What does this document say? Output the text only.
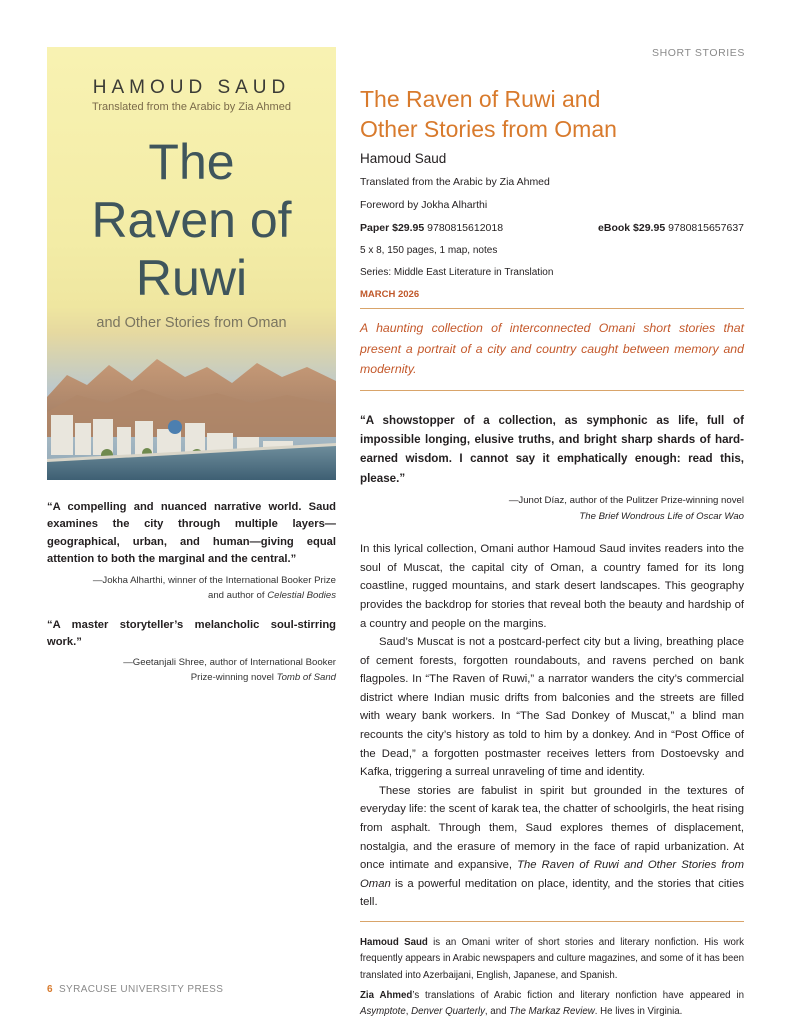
SHORT STORIES
HAMOUD SAUD
Translated from the Arabic by Zia Ahmed
The
Raven of
Ruwi
and Other Stories from Oman

“A compelling and nuanced narrative world. Saud examines the city through multiple layers—geographical, urban, and human—giving equal attention to both the marginal and the central.”

—Jokha Alharthi, winner of the International Booker Prize
and author of Celestial Bodies

“A master storyteller’s melancholic soul-stirring work.”

—Geetanjali Shree, author of International Booker
Prize-winning novel Tomb of Sand

The Raven of Ruwi and
Other Stories from Oman

Hamoud Saud

Translated from the Arabic by Zia Ahmed

Foreword by Jokha Alharthi

Paper $29.95 9780815612018	eBook $29.95 9780815657637

5 x 8, 150 pages, 1 map, notes

Series: Middle East Literature in Translation

MARCH 2026

A haunting collection of interconnected Omani short stories that present a portrait of a city and country caught between memory and modernity.

“A showstopper of a collection, as symphonic as life, full of impossible longing, elusive truths, and bright sharp shards of hard-earned wisdom. I cannot say it emphatically enough: read this, please.”

—Junot Díaz, author of the Pulitzer Prize-winning novel
The Brief Wondrous Life of Oscar Wao

In this lyrical collection, Omani author Hamoud Saud invites readers into the soul of Muscat, the capital city of Oman, a country famed for its long coastline, rugged mountains, and stark desert landscapes. This geography provides the backdrop for stories that reveal both the beauty and hardship of a country and people on the margins.

Saud’s Muscat is not a postcard-perfect city but a living, breathing place of cement forests, forgotten roundabouts, and ravens perched on bank flagpoles. In “The Raven of Ruwi,” a narrator wanders the city’s commercial district where Indian music drifts from balconies and the streets are filled with weary bank workers. In “The Sad Donkey of Muscat,” a blind man recounts the city’s history as told to him by a donkey. And in “Post Office of the Dead,” a forgotten postmaster receives letters from Dostoevsky and Kafka, triggering a surreal unraveling of time and identity.

These stories are fabulist in spirit but grounded in the textures of everyday life: the scent of karak tea, the chatter of schoolgirls, the heat rising from asphalt. Through them, Saud explores themes of displacement, nostalgia, and the erasure of memory in the face of rapid urbanization. At once intimate and expansive, The Raven of Ruwi and Other Stories from Oman is a powerful meditation on place, identity, and the stories that cities tell.

Hamoud Saud is an Omani writer of short stories and literary nonfiction. His work frequently appears in Arabic newspapers and culture magazines, and some of it has been translated into Azerbaijani, English, Japanese, and Spanish.

Zia Ahmed’s translations of Arabic fiction and literary nonfiction have appeared in Asymptote, Denver Quarterly, and The Markaz Review. He lives in Virginia.

6 SYRACUSE UNIVERSITY PRESS
